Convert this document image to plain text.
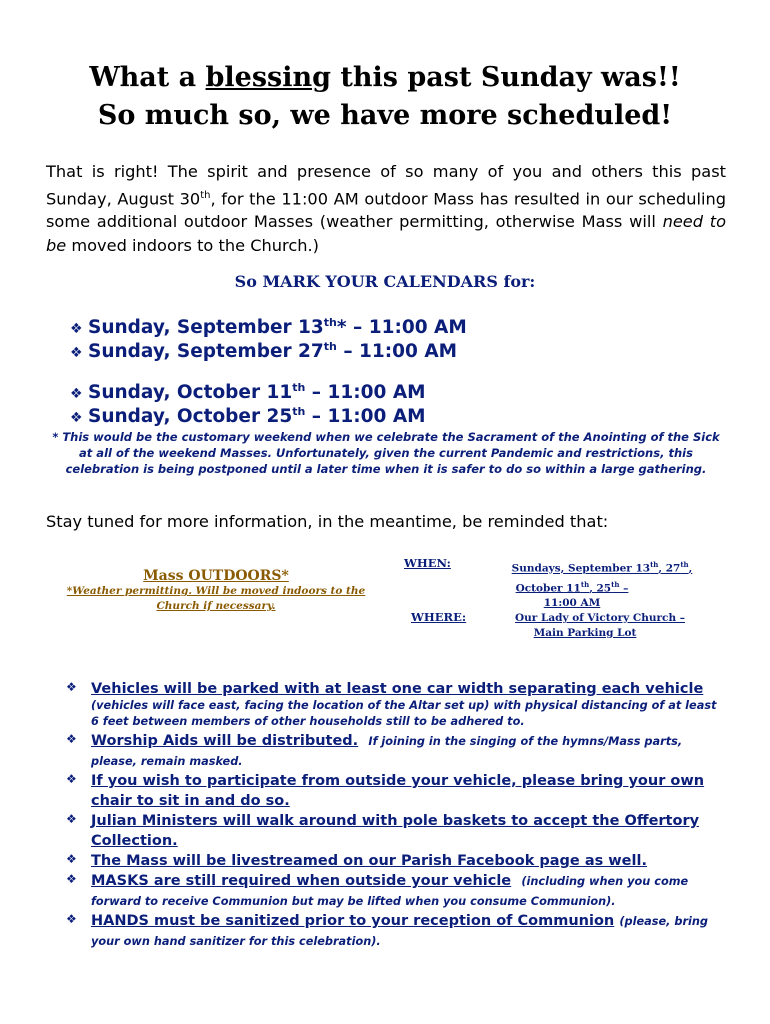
What a blessing this past Sunday was!!
So much so, we have more scheduled!
That is right! The spirit and presence of so many of you and others this past Sunday, August 30th, for the 11:00 AM outdoor Mass has resulted in our scheduling some additional outdoor Masses (weather permitting, otherwise Mass will need to be moved indoors to the Church.)
So MARK YOUR CALENDARS for:
❖ Sunday, September 13th* – 11:00 AM
❖ Sunday, September 27th – 11:00 AM
❖ Sunday, October 11th – 11:00 AM
❖ Sunday, October 25th – 11:00 AM
* This would be the customary weekend when we celebrate the Sacrament of the Anointing of the Sick at all of the weekend Masses. Unfortunately, given the current Pandemic and restrictions, this celebration is being postponed until a later time when it is safer to do so within a large gathering.
Stay tuned for more information, in the meantime, be reminded that:
Mass OUTDOORS*
*Weather permitting. Will be moved indoors to the Church if necessary.
WHEN:	Sundays, September 13th, 27th,
October 11th, 25th –
11:00 AM
WHERE:	Our Lady of Victory Church –
Main Parking Lot
❖ Vehicles will be parked with at least one car width separating each vehicle
(vehicles will face east, facing the location of the Altar set up) with physical distancing of at least 6 feet between members of other households still to be adhered to.
❖ Worship Aids will be distributed. If joining in the singing of the hymns/Mass parts, please, remain masked.
❖ If you wish to participate from outside your vehicle, please bring your own chair to sit in and do so.
❖ Julian Ministers will walk around with pole baskets to accept the Offertory Collection.
❖ The Mass will be livestreamed on our Parish Facebook page as well.
❖ MASKS are still required when outside your vehicle (including when you come forward to receive Communion but may be lifted when you consume Communion).
❖ HANDS must be sanitized prior to your reception of Communion (please, bring your own hand sanitizer for this celebration).
